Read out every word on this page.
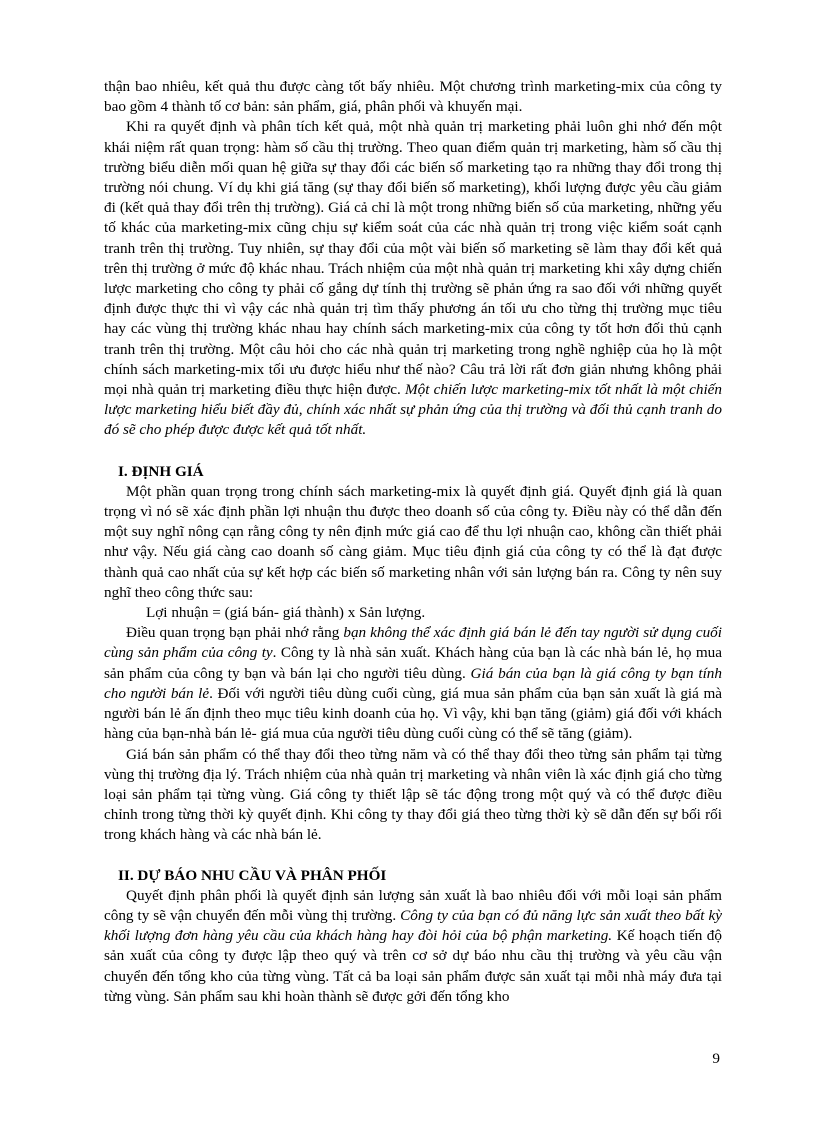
thận bao nhiêu, kết quả thu được càng tốt bấy nhiêu. Một chương trình marketing-mix của công ty bao gồm 4 thành tố cơ bản: sản phẩm, giá, phân phối và khuyến mại.

Khi ra quyết định và phân tích kết quả, một nhà quản trị marketing phải luôn ghi nhớ đến một khái niệm rất quan trọng: hàm số cầu thị trường. Theo quan điểm quản trị marketing, hàm số cầu thị trường biểu diễn mối quan hệ giữa sự thay đổi các biến số marketing tạo ra những thay đổi trong thị trường nói chung. Ví dụ khi giá tăng (sự thay đổi biến số marketing), khối lượng được yêu cầu giảm đi (kết quả thay đổi trên thị trường). Giá cả chỉ là một trong những biến số của marketing, những yếu tố khác của marketing-mix cũng chịu sự kiểm soát của các nhà quản trị trong việc kiểm soát cạnh tranh trên thị trường. Tuy nhiên, sự thay đổi của một vài biến số marketing sẽ làm thay đổi kết quả trên thị trường ở mức độ khác nhau. Trách nhiệm của một nhà quản trị marketing khi xây dựng chiến lược marketing cho công ty phải cố gắng dự tính thị trường sẽ phản ứng ra sao đối với những quyết định được thực thi vì vậy các nhà quản trị tìm thấy phương án tối ưu cho từng thị trường mục tiêu hay các vùng thị trường khác nhau hay chính sách marketing-mix của công ty tốt hơn đối thủ cạnh tranh trên thị trường. Một câu hỏi cho các nhà quản trị marketing trong nghề nghiệp của họ là một chính sách marketing-mix tối ưu được hiểu như thế nào? Câu trả lời rất đơn giản nhưng không phải mọi nhà quản trị marketing điều thực hiện được. Một chiến lược marketing-mix tốt nhất là một chiến lược marketing hiểu biết đầy đủ, chính xác nhất sự phản ứng của thị trường và đối thủ cạnh tranh do đó sẽ cho phép được được kết quả tốt nhất.

I. ĐỊNH GIÁ

Một phần quan trọng trong chính sách marketing-mix là quyết định giá. Quyết định giá là quan trọng vì nó sẽ xác định phần lợi nhuận thu được theo doanh số của công ty. Điều này có thể dẫn đến một suy nghĩ nông cạn rằng công ty nên định mức giá cao để thu lợi nhuận cao, không cần thiết phải như vậy. Nếu giá càng cao doanh số càng giảm. Mục tiêu định giá của công ty có thể là đạt được thành quả cao nhất của sự kết hợp các biến số marketing nhân với sản lượng bán ra. Công ty nên suy nghĩ theo công thức sau:

Lợi nhuận = (giá bán- giá thành) x Sản lượng.

Điều quan trọng bạn phải nhớ rằng bạn không thể xác định giá bán lẻ đến tay người sử dụng cuối cùng sản phẩm của công ty. Công ty là nhà sản xuất. Khách hàng của bạn là các nhà bán lẻ, họ mua sản phẩm của công ty bạn và bán lại cho người tiêu dùng. Giá bán của bạn là giá công ty bạn tính cho người bán lẻ. Đối với người tiêu dùng cuối cùng, giá mua sản phẩm của bạn sản xuất là giá mà người bán lẻ ấn định theo mục tiêu kinh doanh của họ. Vì vậy, khi bạn tăng (giảm) giá đối với khách hàng của bạn-nhà bán lẻ- giá mua của người tiêu dùng cuối cùng có thể sẽ tăng (giảm).

Giá bán sản phẩm có thể thay đổi theo từng năm và có thể thay đổi theo từng sản phẩm tại từng vùng thị trường địa lý. Trách nhiệm của nhà quản trị marketing và nhân viên là xác định giá cho từng loại sản phẩm tại từng vùng. Giá công ty thiết lập sẽ tác động trong một quý và có thể được điều chỉnh trong từng thời kỳ quyết định. Khi công ty thay đổi giá theo từng thời kỳ sẽ dẫn đến sự bối rối trong khách hàng và các nhà bán lẻ.

II. DỰ BÁO NHU CẦU VÀ PHÂN PHỐI

Quyết định phân phối là quyết định sản lượng sản xuất là bao nhiêu đối với mỗi loại sản phẩm công ty sẽ vận chuyển đến mỗi vùng thị trường. Công ty của bạn có đủ năng lực sản xuất theo bất kỳ khối lượng đơn hàng yêu cầu của khách hàng hay đòi hỏi của bộ phận marketing. Kế hoạch tiến độ sản xuất của công ty được lập theo quý và trên cơ sở dự báo nhu cầu thị trường và yêu cầu vận chuyển đến tổng kho của từng vùng. Tất cả ba loại sản phẩm được sản xuất tại mỗi nhà máy đưa tại từng vùng. Sản phẩm sau khi hoàn thành sẽ được gởi đến tổng kho

9
